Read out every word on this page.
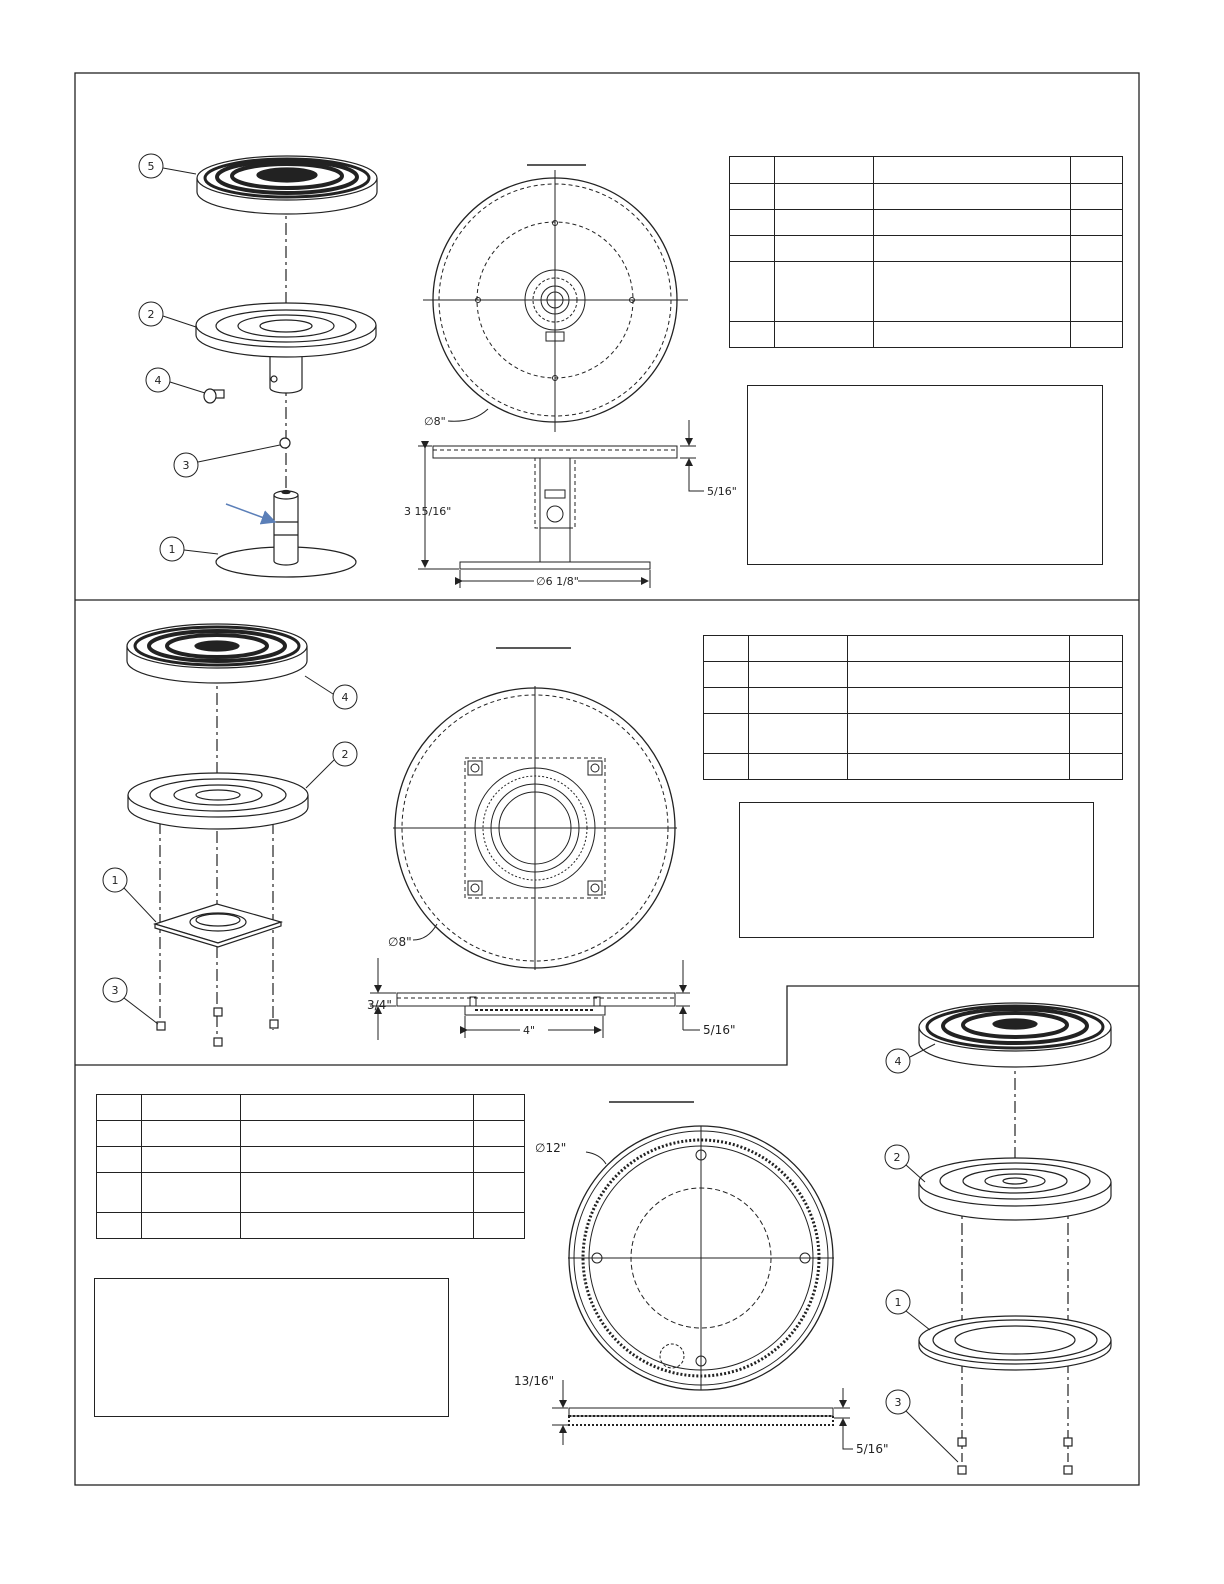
5
2
4
3
1
∅8"
3 15/16"
5/16"
∅6 1/8"
4
2
1
3
∅8"
3/4"
5/16"
4"
∅12"
13/16"
5/16"
4
2
1
3
